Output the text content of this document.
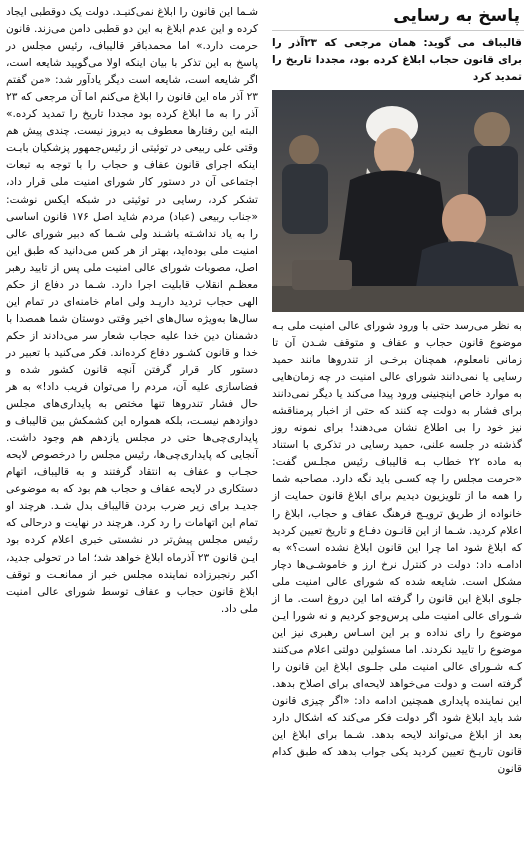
پاسخ به رسایی
قالیباف می گوید: همان مرجعی که ۲۳آذر را برای قانون حجاب ابلاغ کرده بود، مجددا تاریخ را تمدید کرد
به نظر می‌رسد حتی با ورود شورای عالی امنیت ملی بـه موضوع قانون حجاب و عفاف و متوقف شـدن آن تا زمانی نامعلوم، همچنان برخـی از تندروها مانند حمید رسایی یا نمی‌دانند شورای عالی امنیت در چه زمان‌هایی به موارد خاص اینچنینی ورود پیدا می‌کند یا دیگر نمی‌دانند برای فشار به دولت چه کنند که حتی از اخبار پرمناقشه نیز خود را بی اطلاع نشان می‌دهند! برای نمونه روز گذشته در جلسه علنی، حمید رسایی در تذکری با استناد به ماده ۲۲ خطاب بـه قالیباف رئیس مجلـس گفت: «حرمت مجلس را چه کسـی باید نگه دارد. مصاحبه شما را همه ما از تلویزیون دیدیم برای ابلاغ قانون حمایت از خانواده از طریق ترویـج فرهنگ عفاف و حجاب، ابلاغ را اعلام کردید. شـما از این قانـون دفـاع و تاریخ تعیین کردید که ابلاغ شود اما چرا این قانون ابلاغ نشده است؟» به ادامـه داد: دولت در کنترل نرخ ارز و خاموشـی‌ها دچار مشکل است. شایعه شده که شورای عالی امنیت ملی جلوی ابلاغ این قانون را گرفته اما این دروغ است. ما از شـورای عالی امنیت ملی پرس‌وجو کردیم و نه شورا ایـن موضوع را رای نداده و بر این اسـاس رهبری نیز این موضوع را تایید نکردند. اما مسئولین دولتی اعلام می‌کنند کـه شـورای عالی امنیت ملی جلـوی ابلاغ این قانون را گرفته است و دولت می‌خواهد لایحه‌ای برای اصلاح بدهد. این نماینده پایداری همچنین ادامه داد: «اگر چیزی قانون شد باید ابلاغ شود اگر دولت فکر می‌کند که اشکال دارد بعد از ابلاغ می‌تواند لایحه بدهد. شـما برای ابلاغ این قانون تاریـخ تعیین کردید یکی جواب بدهد که طبق کدام قانون
شـما این قانون را ابلاغ نمی‌کنیـد. دولت یک دوقطبی ایجاد کرده و این عدم ابلاغ به این دو قطبی دامن می‌زند. قانون حرمت دارد.» اما محمدباقر قالیباف، رئیس مجلس در پاسخ به این تذکر با بیان اینکه اولا می‌گویید شایعه است، اگر شایعه است، شایعه است دیگر یادآور شد: «من گفتم ۲۳ آذر ماه این قانون را ابلاغ می‌کنم اما آن مرجعی که ۲۳ آذر را به ما ابلاغ کرده بود مجددا تاریخ را تمدید کرده.» البته این رفتارها معطوف به دیروز نیست. چندی پیش هم وقتی علی ربیعی در توئیتی از رئیس‌جمهور پزشکیان بابـت اینکه اجرای قانون عفاف و حجاب را با توجه به تبعات اجتماعی آن در دستور کار شورای امنیت ملی قرار داد، تشکر کرد، رسایی در توئیتی در شبکه ایکس نوشت: «جناب ربیعی (عباد) مردم شاید اصل ۱۷۶ قانون اساسی را به یاد نداشـته باشـند ولی شـما که دبیر شورای عالی امنیت ملی بوده‌اید، بهتر از هر کس می‌دانید که طبق این اصل، مصوبات شورای عالی امنیت ملی پس از تایید رهبر معظـم انقلاب قابلیت اجرا دارد. شـما در دفاع از حکم الهی حجاب تردید داریـد ولی امام خامنه‌ای در تمام این سال‌ها به‌ویژه سال‌های اخیر وقتی دوستان شما همصدا با دشمنان دین خدا علیه حجاب شعار سر می‌دادند از حکم خدا و قانون کشـور دفاع کرده‌اند. فکر می‌کنید با تعبیر در دستور کار قرار گرفتن آنچه قانون کشور شده و فضاسازی علیه آن، مردم را می‌توان فریب داد!» به هر حال فشار تندروها تنها مختص به پایداری‌های مجلس دوازدهم نیسـت، بلکه همواره این کشمکش بین قالیباف و پایداری‌چی‌ها حتی در مجلس یازدهم هم وجود داشت. آنجایی که پایداری‌چی‌ها، رئیس مجلس را درخصوص لایحه حجـاب و عفاف به انتقاد گرفتند و به قالیباف، اتهام دستکاری در لایحه عفاف و حجاب هم بود که به موضوعی جدیـد برای زیر ضرب بردن قالیباف بدل شـد. هرچند او تمام این اتهامات را رد کرد. هرچند در نهایت و درحالی که رئیس مجلس پیش‌تر در نشستی خبری اعلام کرده بود ایـن قانون ۲۳ آذرماه ابلاغ خواهد شد؛ اما در تحولی جدید، اکبر رنجبرزاده نماینده مجلس خبر از ممانعـت و توقف ابلاغ قانون حجاب و عفاف توسط شورای عالی امنیت ملی داد.
